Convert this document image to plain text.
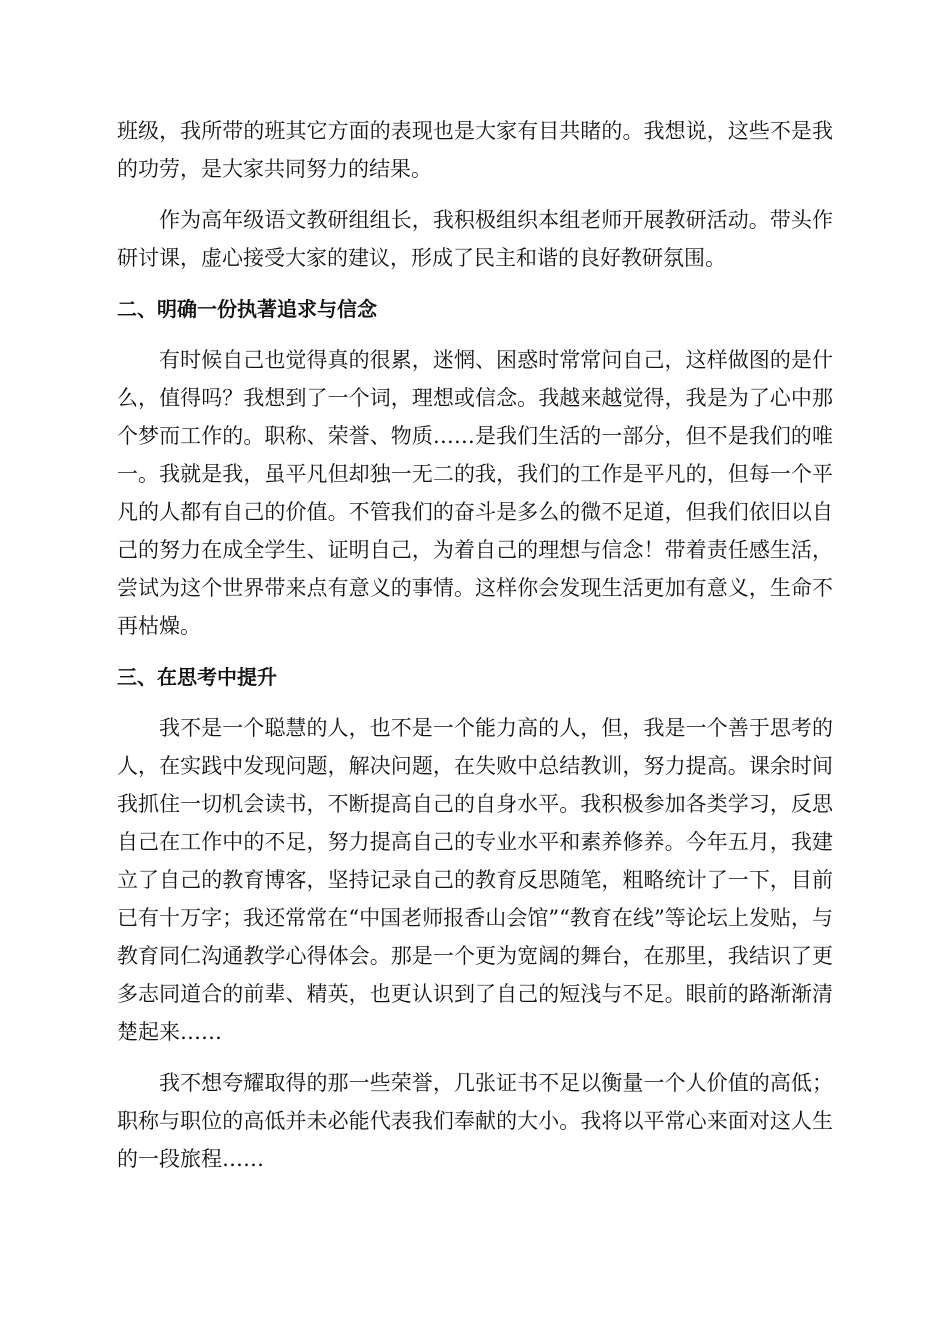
班级，我所带的班其它方面的表现也是大家有目共睹的。我想说，这些不是我的功劳，是大家共同努力的结果。

作为高年级语文教研组组长，我积极组织本组老师开展教研活动。带头作研讨课，虚心接受大家的建议，形成了民主和谐的良好教研氛围。

二、明确一份执著追求与信念

有时候自己也觉得真的很累，迷惘、困惑时常常问自己，这样做图的是什么，值得吗？我想到了一个词，理想或信念。我越来越觉得，我是为了心中那个梦而工作的。职称、荣誉、物质……是我们生活的一部分，但不是我们的唯一。我就是我，虽平凡但却独一无二的我，我们的工作是平凡的，但每一个平凡的人都有自己的价值。不管我们的奋斗是多么的微不足道，但我们依旧以自己的努力在成全学生、证明自己，为着自己的理想与信念！带着责任感生活，尝试为这个世界带来点有意义的事情。这样你会发现生活更加有意义，生命不再枯燥。

三、在思考中提升

我不是一个聪慧的人，也不是一个能力高的人，但，我是一个善于思考的人，在实践中发现问题，解决问题，在失败中总结教训，努力提高。课余时间我抓住一切机会读书，不断提高自己的自身水平。我积极参加各类学习，反思自己在工作中的不足，努力提高自己的专业水平和素养修养。今年五月，我建立了自己的教育博客，坚持记录自己的教育反思随笔，粗略统计了一下，目前已有十万字；我还常常在“中国老师报香山会馆”“教育在线”等论坛上发贴，与教育同仁沟通教学心得体会。那是一个更为宽阔的舞台，在那里，我结识了更多志同道合的前辈、精英，也更认识到了自己的短浅与不足。眼前的路渐渐清楚起来……

我不想夸耀取得的那一些荣誉，几张证书不足以衡量一个人价值的高低；职称与职位的高低并未必能代表我们奉献的大小。我将以平常心来面对这人生的一段旅程……
